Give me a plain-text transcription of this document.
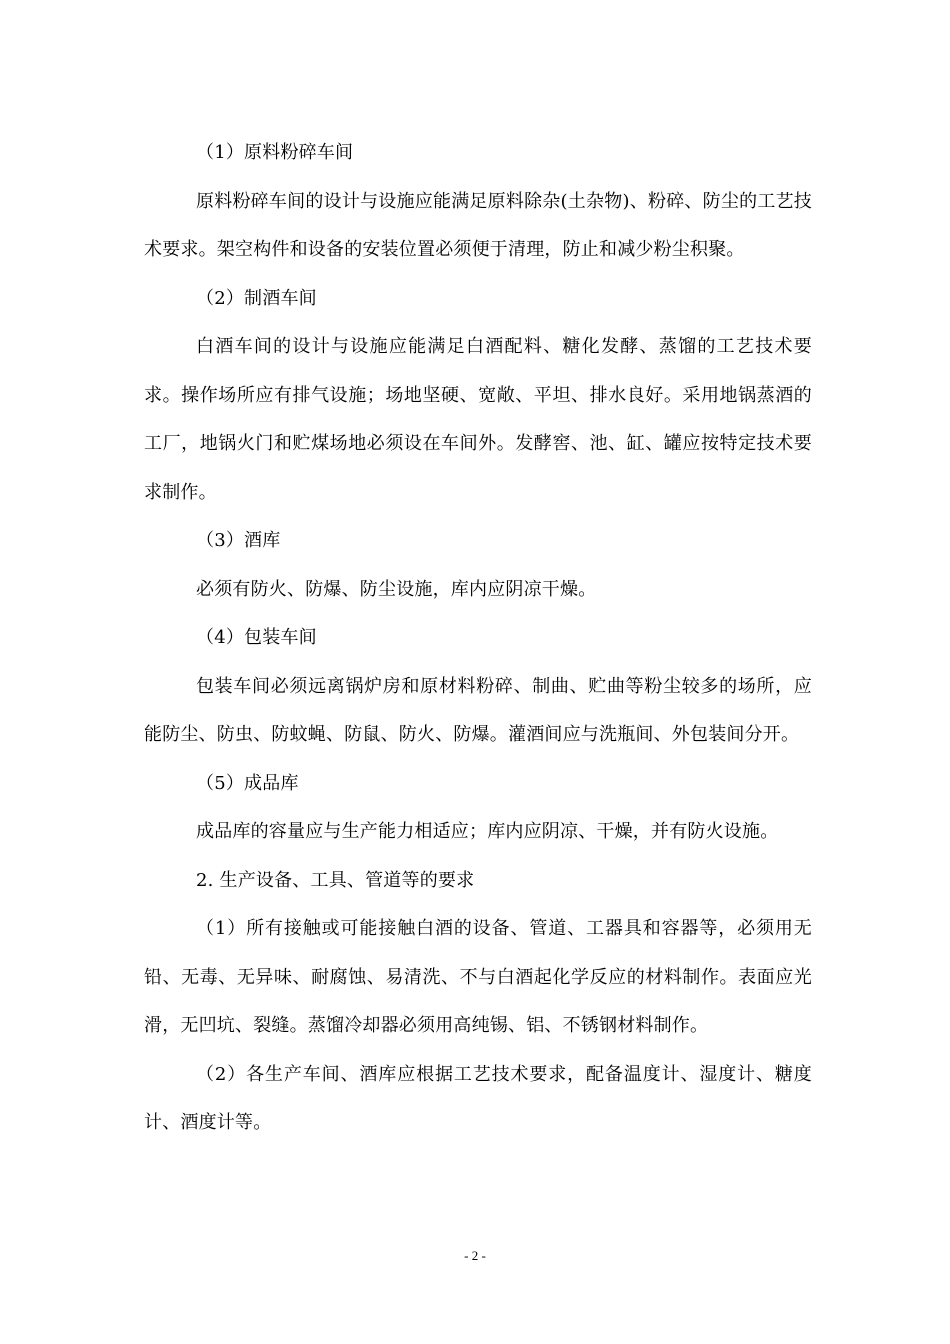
（1）原料粉碎车间

原料粉碎车间的设计与设施应能满足原料除杂(土杂物)、粉碎、防尘的工艺技术要求。架空构件和设备的安装位置必须便于清理，防止和减少粉尘积聚。

（2）制酒车间

白酒车间的设计与设施应能满足白酒配料、糖化发酵、蒸馏的工艺技术要求。操作场所应有排气设施；场地坚硬、宽敞、平坦、排水良好。采用地锅蒸酒的工厂，地锅火门和贮煤场地必须设在车间外。发酵窖、池、缸、罐应按特定技术要求制作。

（3）酒库

必须有防火、防爆、防尘设施，库内应阴凉干燥。

（4）包装车间

包装车间必须远离锅炉房和原材料粉碎、制曲、贮曲等粉尘较多的场所，应能防尘、防虫、防蚊蝇、防鼠、防火、防爆。灌酒间应与洗瓶间、外包装间分开。

（5）成品库

成品库的容量应与生产能力相适应；库内应阴凉、干燥，并有防火设施。

2. 生产设备、工具、管道等的要求

（1）所有接触或可能接触白酒的设备、管道、工器具和容器等，必须用无铅、无毒、无异味、耐腐蚀、易清洗、不与白酒起化学反应的材料制作。表面应光滑，无凹坑、裂缝。蒸馏冷却器必须用高纯锡、铝、不锈钢材料制作。

（2）各生产车间、酒库应根据工艺技术要求，配备温度计、湿度计、糖度计、酒度计等。

- 2 -
